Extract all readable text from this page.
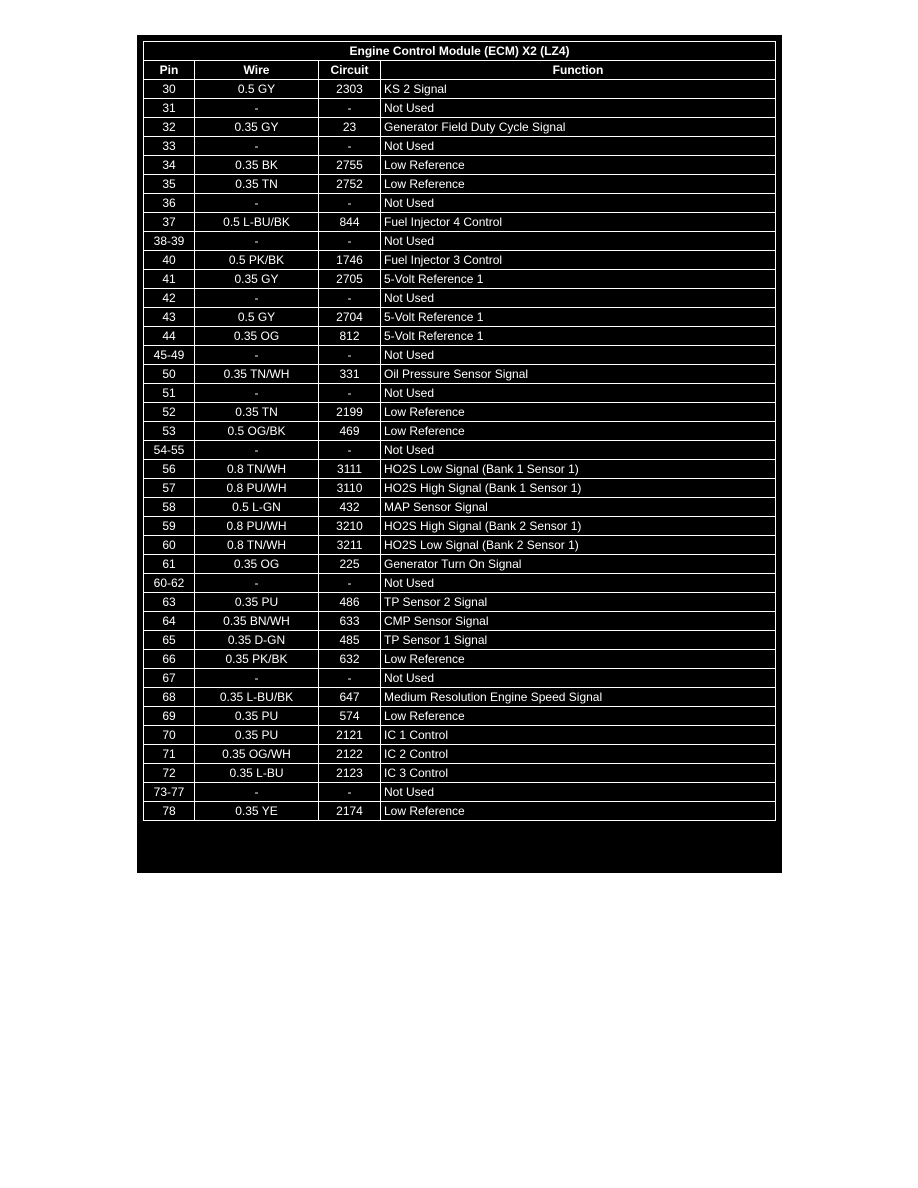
Engine Control Module (ECM) X2 (LZ4)			
Pin	Wire	Circuit	Function
30	0.5 GY	2303	KS 2 Signal
31	-	-	Not Used
32	0.35 GY	23	Generator Field Duty Cycle Signal
33	-	-	Not Used
34	0.35 BK	2755	Low Reference
35	0.35 TN	2752	Low Reference
36	-	-	Not Used
37	0.5 L-BU/BK	844	Fuel Injector 4 Control
38-39	-	-	Not Used
40	0.5 PK/BK	1746	Fuel Injector 3 Control
41	0.35 GY	2705	5-Volt Reference 1
42	-	-	Not Used
43	0.5 GY	2704	5-Volt Reference 1
44	0.35 OG	812	5-Volt Reference 1
45-49	-	-	Not Used
50	0.35 TN/WH	331	Oil Pressure Sensor Signal
51	-	-	Not Used
52	0.35 TN	2199	Low Reference
53	0.5 OG/BK	469	Low Reference
54-55	-	-	Not Used
56	0.8 TN/WH	3111	HO2S Low Signal (Bank 1 Sensor 1)
57	0.8 PU/WH	3110	HO2S High Signal (Bank 1 Sensor 1)
58	0.5 L-GN	432	MAP Sensor Signal
59	0.8 PU/WH	3210	HO2S High Signal (Bank 2 Sensor 1)
60	0.8 TN/WH	3211	HO2S Low Signal (Bank 2 Sensor 1)
61	0.35 OG	225	Generator Turn On Signal
60-62	-	-	Not Used
63	0.35 PU	486	TP Sensor 2 Signal
64	0.35 BN/WH	633	CMP Sensor Signal
65	0.35 D-GN	485	TP Sensor 1 Signal
66	0.35 PK/BK	632	Low Reference
67	-	-	Not Used
68	0.35 L-BU/BK	647	Medium Resolution Engine Speed Signal
69	0.35 PU	574	Low Reference
70	0.35 PU	2121	IC 1 Control
71	0.35 OG/WH	2122	IC 2 Control
72	0.35 L-BU	2123	IC 3 Control
73-77	-	-	Not Used
78	0.35 YE	2174	Low Reference
